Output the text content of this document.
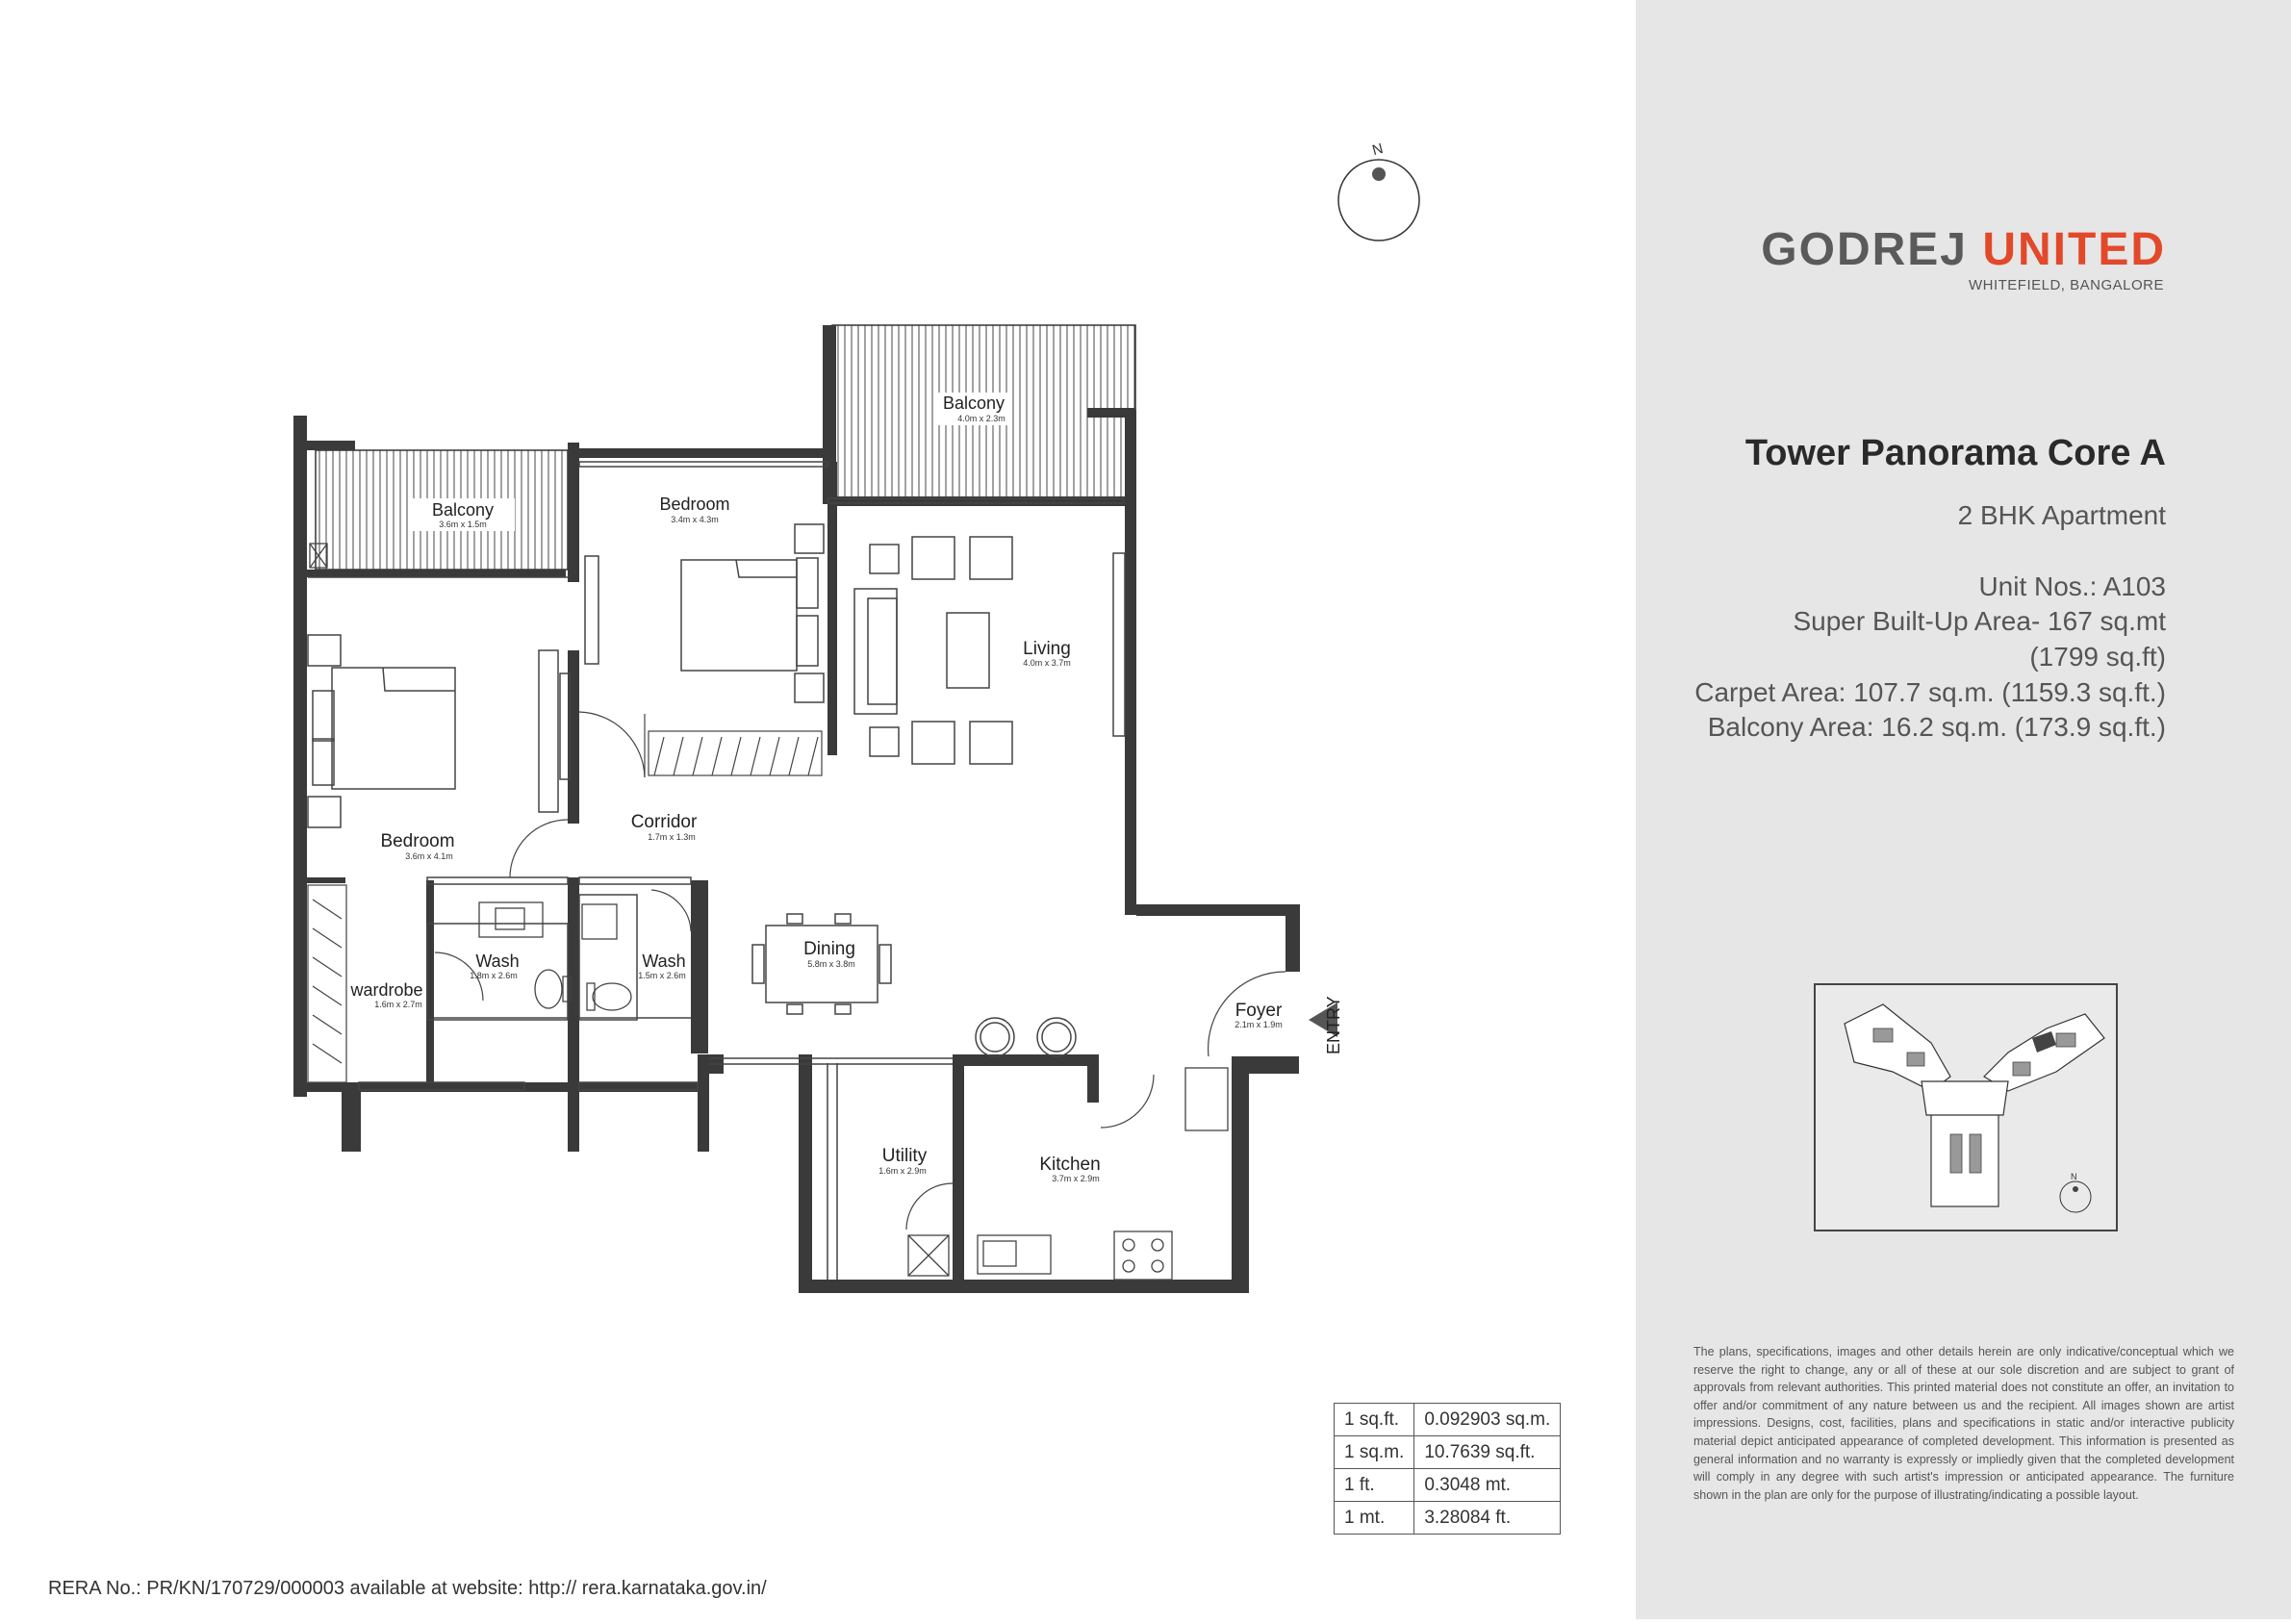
N
Balcony
3.6m x 1.5m
Bedroom
3.4m x 4.3m
Balcony
4.0m x 2.3m
Living
4.0m x 3.7m
Corridor
1.7m x 1.3m
Bedroom
3.6m x 4.1m
Wash
1.8m x 2.6m
Wash
1.5m x 2.6m
wardrobe
1.6m x 2.7m
Dining
5.8m x 3.8m
Foyer
2.1m x 1.9m
Utility
1.6m x 2.9m	Kitchen
3.7m x 2.9m
ENTRY
1 sq.ft.	0.092903 sq.m.
1 sq.m.	10.7639 sq.ft.
1 ft.	0.3048 mt.
1 mt.	3.28084 ft.
RERA No.: PR/KN/170729/000003 available at website: http:// rera.karnataka.gov.in/
GODREJ UNITED
WHITEFIELD, BANGALORE
Tower Panorama Core A
2 BHK Apartment
Unit Nos.: A103
Super Built-Up Area- 167 sq.mt
(1799 sq.ft)
Carpet Area: 107.7 sq.m. (1159.3 sq.ft.)
Balcony Area: 16.2 sq.m. (173.9 sq.ft.)
N
The plans, specifications, images and other details herein are only indicative/conceptual which we reserve the right to change, any or all of these at our sole discretion and are subject to grant of approvals from relevant authorities. This printed material does not constitute an offer, an invitation to offer and/or commitment of any nature between us and the recipient. All images shown are artist impressions. Designs, cost, facilities, plans and specifications in static and/or interactive publicity material depict anticipated appearance of completed development. This information is presented as general information and no warranty is expressly or impliedly given that the completed development will comply in any degree with such artist's impression or anticipated appearance. The furniture shown in the plan are only for the purpose of illustrating/indicating a possible layout.
